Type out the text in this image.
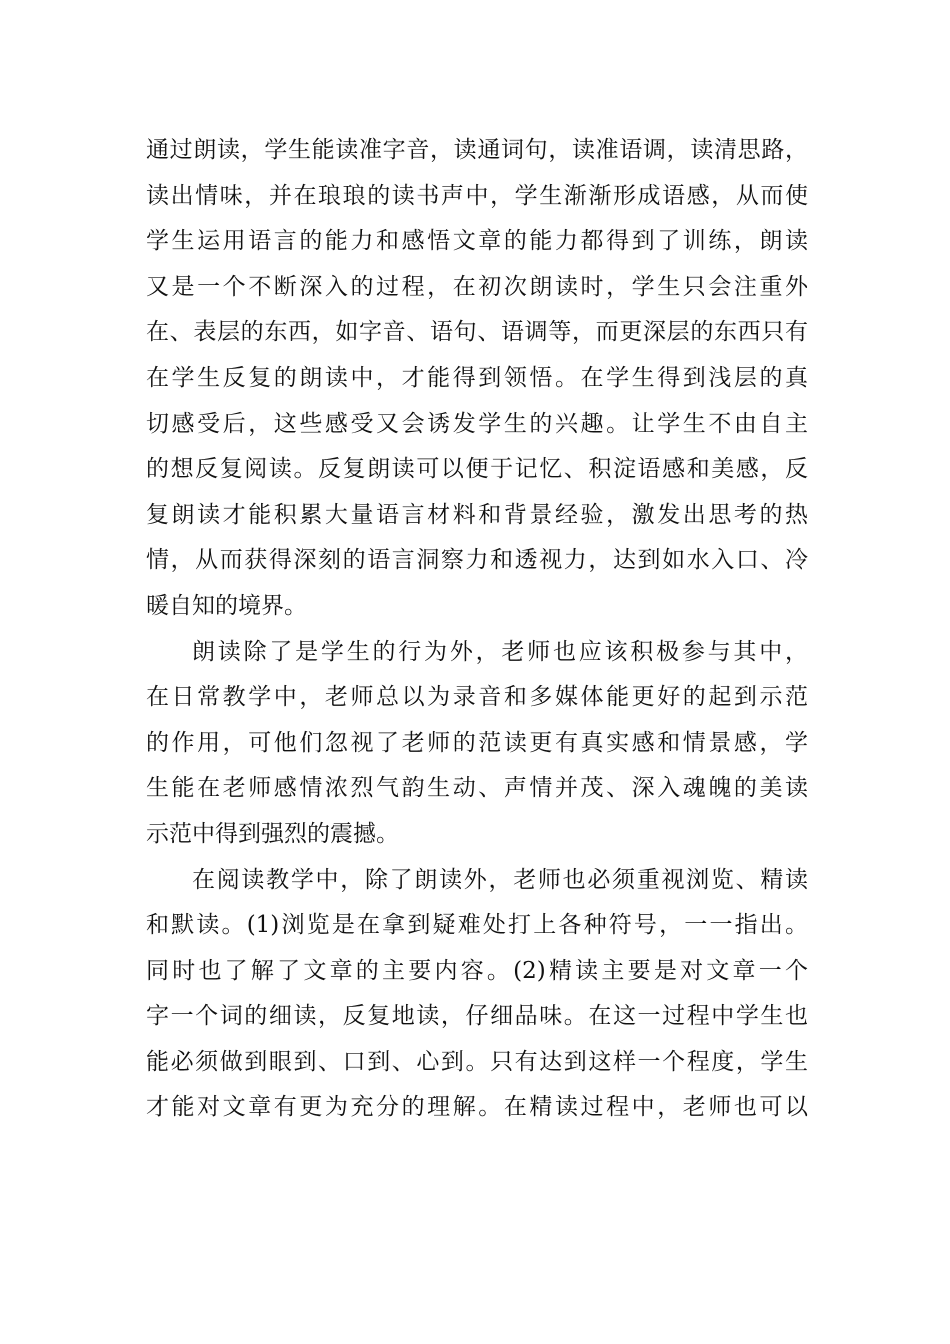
通过朗读，学生能读准字音，读通词句，读准语调，读清思路，
读出情味，并在琅琅的读书声中，学生渐渐形成语感，从而使
学生运用语言的能力和感悟文章的能力都得到了训练，朗读
又是一个不断深入的过程，在初次朗读时，学生只会注重外
在、表层的东西，如字音、语句、语调等，而更深层的东西只有
在学生反复的朗读中，才能得到领悟。在学生得到浅层的真
切感受后，这些感受又会诱发学生的兴趣。让学生不由自主
的想反复阅读。反复朗读可以便于记忆、积淀语感和美感，反
复朗读才能积累大量语言材料和背景经验，激发出思考的热
情，从而获得深刻的语言洞察力和透视力，达到如水入口、冷
暖自知的境界。
朗读除了是学生的行为外，老师也应该积极参与其中，
在日常教学中，老师总以为录音和多媒体能更好的起到示范
的作用，可他们忽视了老师的范读更有真实感和情景感，学
生能在老师感情浓烈气韵生动、声情并茂、深入魂魄的美读
示范中得到强烈的震撼。
在阅读教学中，除了朗读外，老师也必须重视浏览、精读
和默读。(1)浏览是在拿到疑难处打上各种符号，一一指出。
同时也了解了文章的主要内容。(2)精读主要是对文章一个
字一个词的细读，反复地读，仔细品味。在这一过程中学生也
能必须做到眼到、口到、心到。只有达到这样一个程度，学生
才能对文章有更为充分的理解。在精读过程中，老师也可以
